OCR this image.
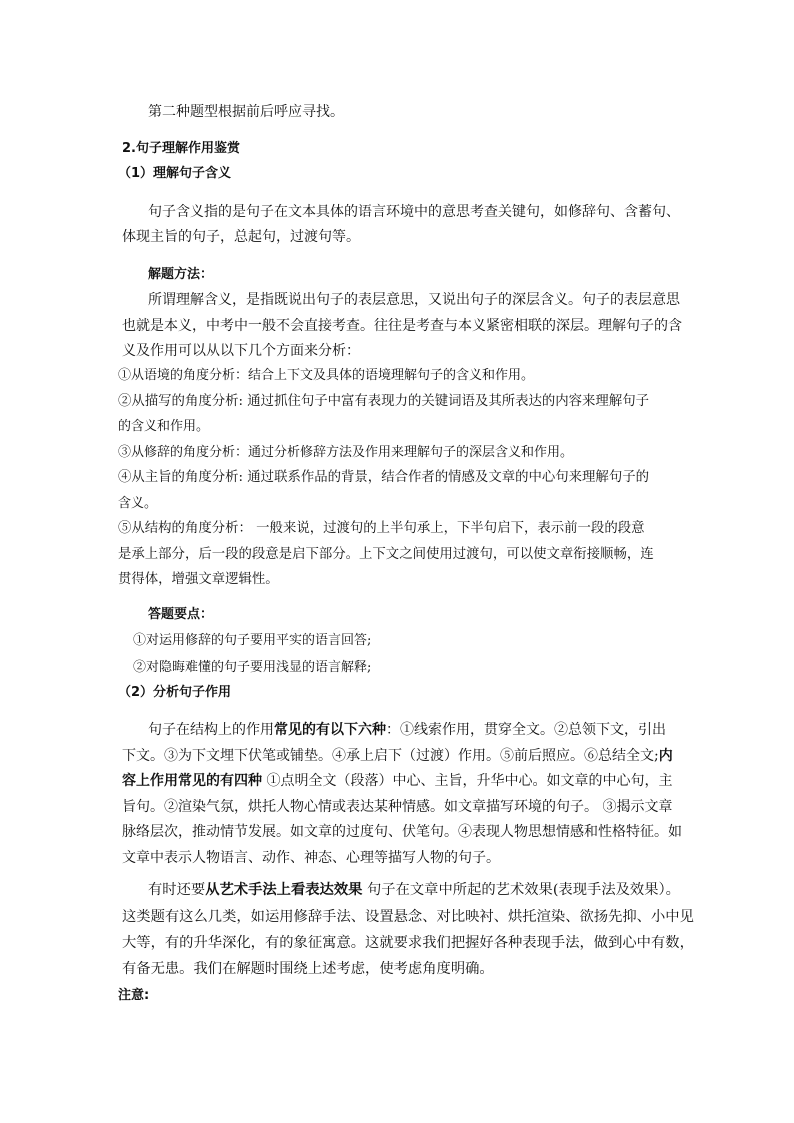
第二种题型根据前后呼应寻找。
2.句子理解作用鉴赏
（1）理解句子含义
句子含义指的是句子在文本具体的语言环境中的意思考查关键句，如修辞句、含蓄句、
体现主旨的句子，总起句，过渡句等。
解题方法：
所谓理解含义，是指既说出句子的表层意思，又说出句子的深层含义。句子的表层意思
也就是本义，中考中一般不会直接考查。往往是考查与本义紧密相联的深层。理解句子的含
义及作用可以从以下几个方面来分析：
①从语境的角度分析：结合上下文及具体的语境理解句子的含义和作用。
②从描写的角度分析: 通过抓住句子中富有表现力的关键词语及其所表达的内容来理解句子
的含义和作用。
③从修辞的角度分析：通过分析修辞方法及作用来理解句子的深层含义和作用。
④从主旨的角度分析: 通过联系作品的背景，结合作者的情感及文章的中心句来理解句子的
含义。
⑤从结构的角度分析： 一般来说，过渡句的上半句承上，下半句启下，表示前一段的段意
是承上部分，后一段的段意是启下部分。上下文之间使用过渡句，可以使文章衔接顺畅，连
贯得体，增强文章逻辑性。
答题要点：
①对运用修辞的句子要用平实的语言回答;
②对隐晦难懂的句子要用浅显的语言解释;
（2）分析句子作用
句子在结构上的作用常见的有以下六种：①线索作用，贯穿全文。②总领下文，引出
下文。③为下文埋下伏笔或铺垫。④承上启下（过渡）作用。⑤前后照应。⑥总结全文;内
容上作用常见的有四种 ①点明全文（段落）中心、主旨，升华中心。如文章的中心句，主
旨句。②渲染气氛，烘托人物心情或表达某种情感。如文章描写环境的句子。 ③揭示文章
脉络层次，推动情节发展。如文章的过度句、伏笔句。④表现人物思想情感和性格特征。如
文章中表示人物语言、动作、神态、心理等描写人物的句子。
有时还要从艺术手法上看表达效果 句子在文章中所起的艺术效果(表现手法及效果）。
这类题有这么几类，如运用修辞手法、设置悬念、对比映衬、烘托渲染、欲扬先抑、小中见
大等，有的升华深化，有的象征寓意。这就要求我们把握好各种表现手法，做到心中有数，
有备无患。我们在解题时围绕上述考虑，使考虑角度明确。
注意:
